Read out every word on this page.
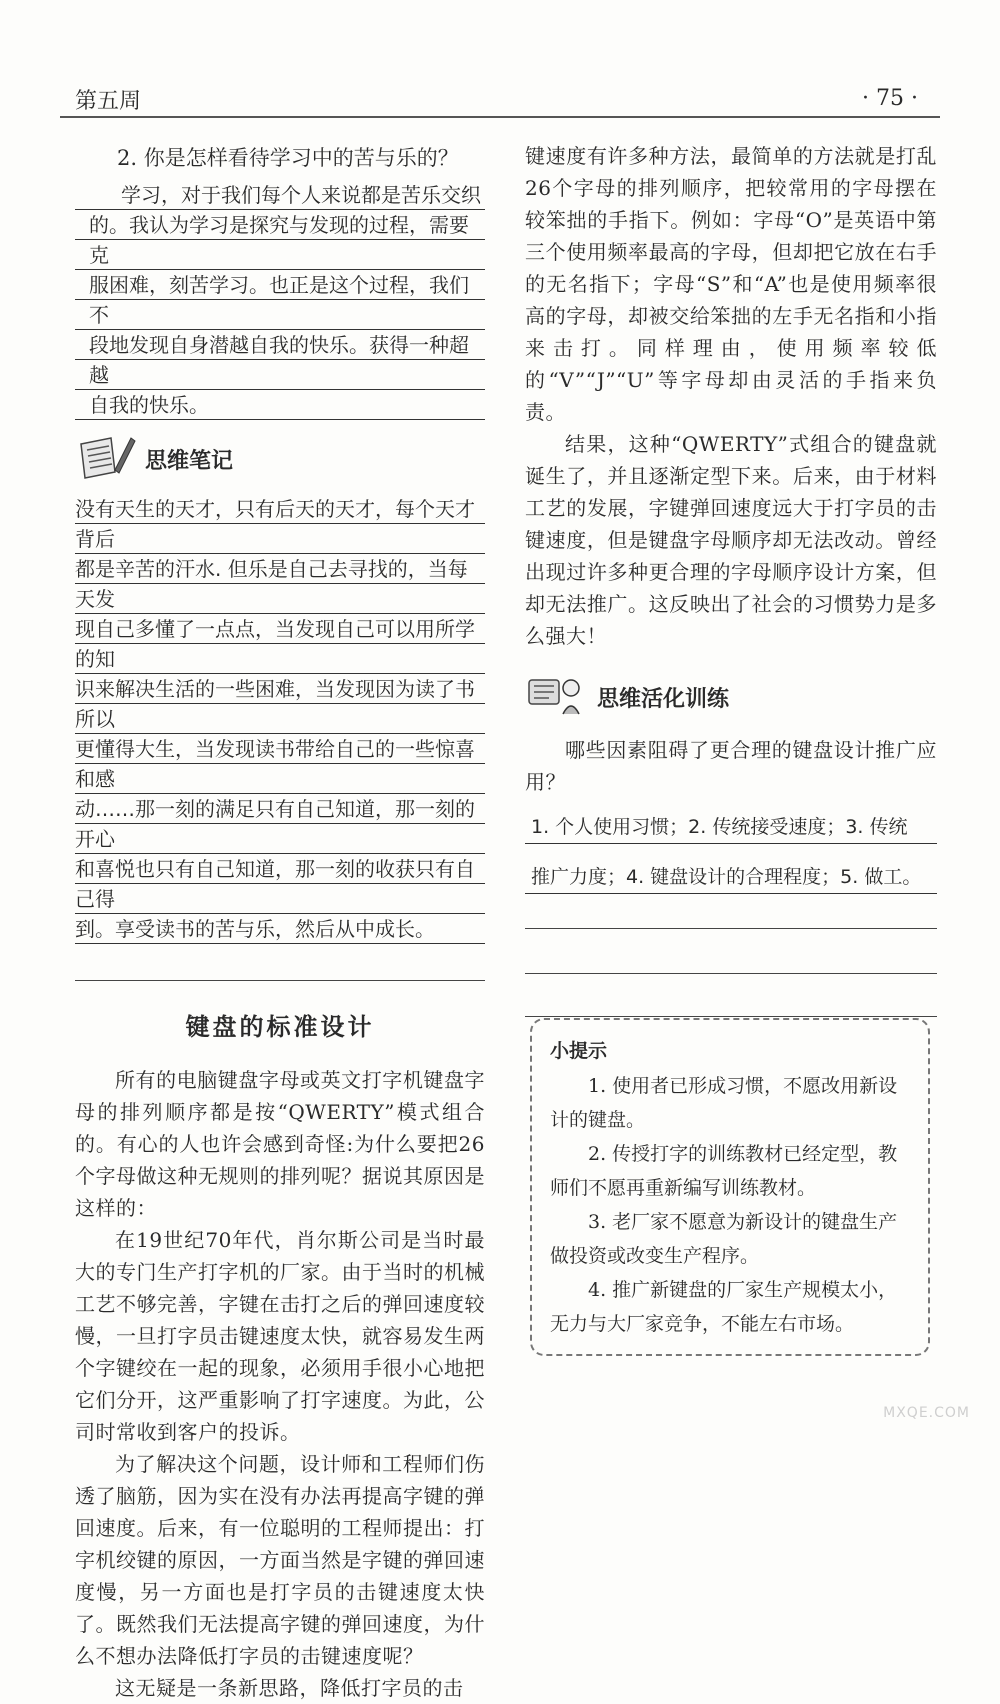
第五周	· 75 ·

2. 你是怎样看待学习中的苦与乐的？

学习，对于我们每个人来说都是苦乐交织
的。我认为学习是探究与发现的过程，需要克
服困难，刻苦学习。也正是这个过程，我们不
段地发现自身潜越自我的快乐。获得一种超越
自我的快乐。
思维笔记
没有天生的天才，只有后天的天才，每个天才背后
都是辛苦的汗水. 但乐是自己去寻找的，当每天发
现自己多懂了一点点，当发现自己可以用所学的知
识来解决生活的一些困难，当发现因为读了书所以
更懂得大生，当发现读书带给自己的一些惊喜和感
动……那一刻的满足只有自己知道，那一刻的开心
和喜悦也只有自己知道，那一刻的收获只有自己得
到。享受读书的苦与乐，然后从中成长。
键盘的标准设计

所有的电脑键盘字母或英文打字机键盘字母的排列顺序都是按“QWERTY”模式组合的。有心的人也许会感到奇怪:为什么要把26个字母做这种无规则的排列呢？据说其原因是这样的：

在19世纪70年代，肖尔斯公司是当时最大的专门生产打字机的厂家。由于当时的机械工艺不够完善，字键在击打之后的弹回速度较慢，一旦打字员击键速度太快，就容易发生两个字键绞在一起的现象，必须用手很小心地把它们分开，这严重影响了打字速度。为此，公司时常收到客户的投诉。

为了解决这个问题，设计师和工程师们伤透了脑筋，因为实在没有办法再提高字键的弹回速度。后来，有一位聪明的工程师提出：打字机绞键的原因，一方面当然是字键的弹回速度慢，另一方面也是打字员的击键速度太快了。既然我们无法提高字键的弹回速度，为什么不想办法降低打字员的击键速度呢？

这无疑是一条新思路，降低打字员的击

键速度有许多种方法，最简单的方法就是打乱26个字母的排列顺序，把较常用的字母摆在较笨拙的手指下。例如：字母“O”是英语中第三个使用频率最高的字母，但却把它放在右手的无名指下；字母“S”和“A”也是使用频率很高的字母，却被交给笨拙的左手无名指和小指来击打。同样理由，使用频率较低的“V”“J”“U”等字母却由灵活的手指来负责。

结果，这种“QWERTY”式组合的键盘就诞生了，并且逐渐定型下来。后来，由于材料工艺的发展，字键弹回速度远大于打字员的击键速度，但是键盘字母顺序却无法改动。曾经出现过许多种更合理的字母顺序设计方案，但却无法推广。这反映出了社会的习惯势力是多么强大！

思维活化训练

哪些因素阻碍了更合理的键盘设计推广应用？

1. 个人使用习惯；2. 传统接受速度；3. 传统
推广力度；4. 键盘设计的合理程度；5. 做工。
小提示

1. 使用者已形成习惯，不愿改用新设计的键盘。

2. 传授打字的训练教材已经定型，教师们不愿再重新编写训练教材。

3. 老厂家不愿意为新设计的键盘生产做投资或改变生产程序。

4. 推广新键盘的厂家生产规模太小，无力与大厂家竞争，不能左右市场。

MXQE.COM
